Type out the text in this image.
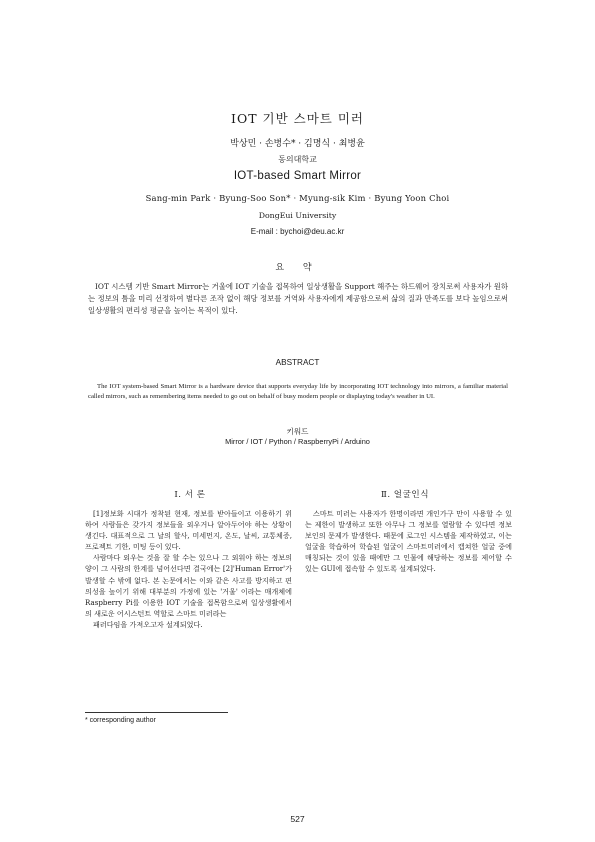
IOT 기반 스마트 미러
박상민 · 손병수* · 김명식 · 최병윤
동의대학교
IOT-based Smart Mirror
Sang-min Park · Byung-Soo Son* · Myung-sik Kim · Byung Yoon Choi
DongEui University
E-mail : bychoi@deu.ac.kr
요 약

IOT 시스템 기반 Smart Mirror는 거울에 IOT 기술을 접목하여 일상생활을 Support 해주는 하드웨어 장치로써 사용자가 원하는 정보의 틈을 미리 선정하여 별다른 조작 없이 해당 정보를 거역와 사용자에게 제공함으로써 삶의 질과 만족도를 보다 높임으로써 일상생활의 편리성 평균을 높이는 목적이 있다.

ABSTRACT

The IOT system-based Smart Mirror is a hardware device that supports everyday life by incorporating IOT technology into mirrors, a familiar material called mirrors, such as remembering items needed to go out on behalf of busy modern people or displaying today's weather in UI.

키워드
Mirror / IOT / Python / RaspberryPi / Arduino
Ⅰ. 서 론

[1]정보화 시대가 정착된 현재, 정보를 받아들이고 이용하기 위하여 사람들은 갖가지 정보들을 외우거나 알아두어야 하는 상황이 생긴다. 대표적으로 그 날의 할사, 미세먼지, 온도, 날씨, 교통체증, 프로젝트 기한, 미팅 등이 있다.

사람마다 외우는 것을 잘 할 수는 있으나 그 외워야 하는 정보의 양이 그 사람의 한계를 넘어선다면 결국에는 [2]'Human Error'가 발생할 수 밖에 없다. 본 논문에서는 이와 같은 사고를 방지하고 편의성을 높이기 위해 대부분의 가정에 있는 '거울' 이라는 매개체에 Raspberry Pi를 이용한 IOT 기술을 접목함으로써 일상생활에서의 새로운 어시스턴트 역할로 스마트 미러라는

패러다임을 가져오고자 설계되었다.

Ⅱ. 얼굴인식

스마트 미러는 사용자가 한명이라면 개인가구 만이 사용할 수 있는 제한이 발생하고 또한 아무나 그 정보를 열람할 수 있다면 정보보인의 문제가 발생한다. 때문에 로그인 시스템을 제작하였고, 이는 얼굴을 학습하여 학습된 얼굴이 스마트미러에서 캡쳐한 얼굴 중에 매칭되는 것이 있을 때에만 그 인물에 해당하는 정보를 제어할 수 있는 GUI에 접속할 수 있도록 설계되었다.

* corresponding author
527
